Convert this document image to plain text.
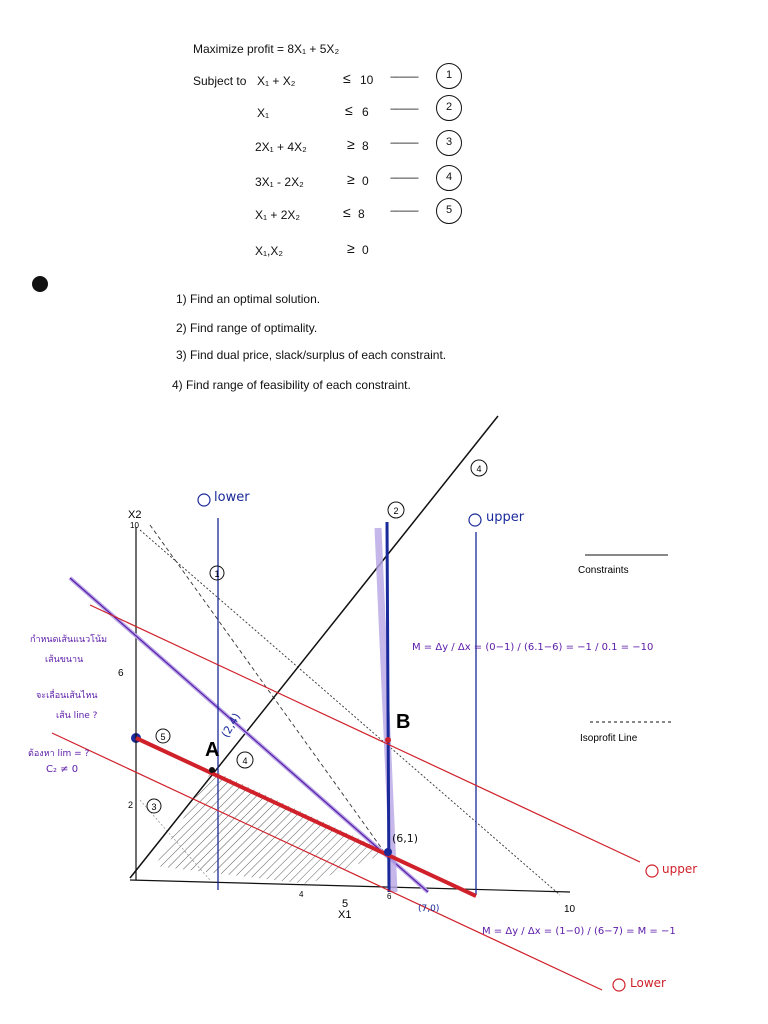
Maximize profit = 8X₁ + 5X₂
Subject to X₁ + X₂	≤ 10 ------------	1
X₁	≤ 6 ------------	2
2X₁ + 4X₂	≥ 8 ------------	3
3X₁ - 2X₂	≥ 0 ------------	4
X₁ + 2X₂	≤ 8	------------	5
X₁,X₂	≥ 0
1) Find an optimal solution.
2) Find range of optimality.
3) Find dual price, slack/surplus of each constraint.
4) Find range of feasibility of each constraint.
1
2
3
4
4
5
X2
10
6
2
4
5
6
10
X1
Constraints
Isoprofit Line
A
B
(2,4)
(6,1)
(7,0)
lower
upper
M = Δy / Δx = (0−1) / (6.1−6) = −1 / 0.1 = −10
M = Δy / Δx = (1−0) / (6−7) = M = −1
upper
Lower
กำหนดเส้นแนวโน้ม
เส้นขนาน
จะเลื่อนเส้นไหน
เส้น line ?
ต้องหา lim = ?
C₂ ≠ 0
